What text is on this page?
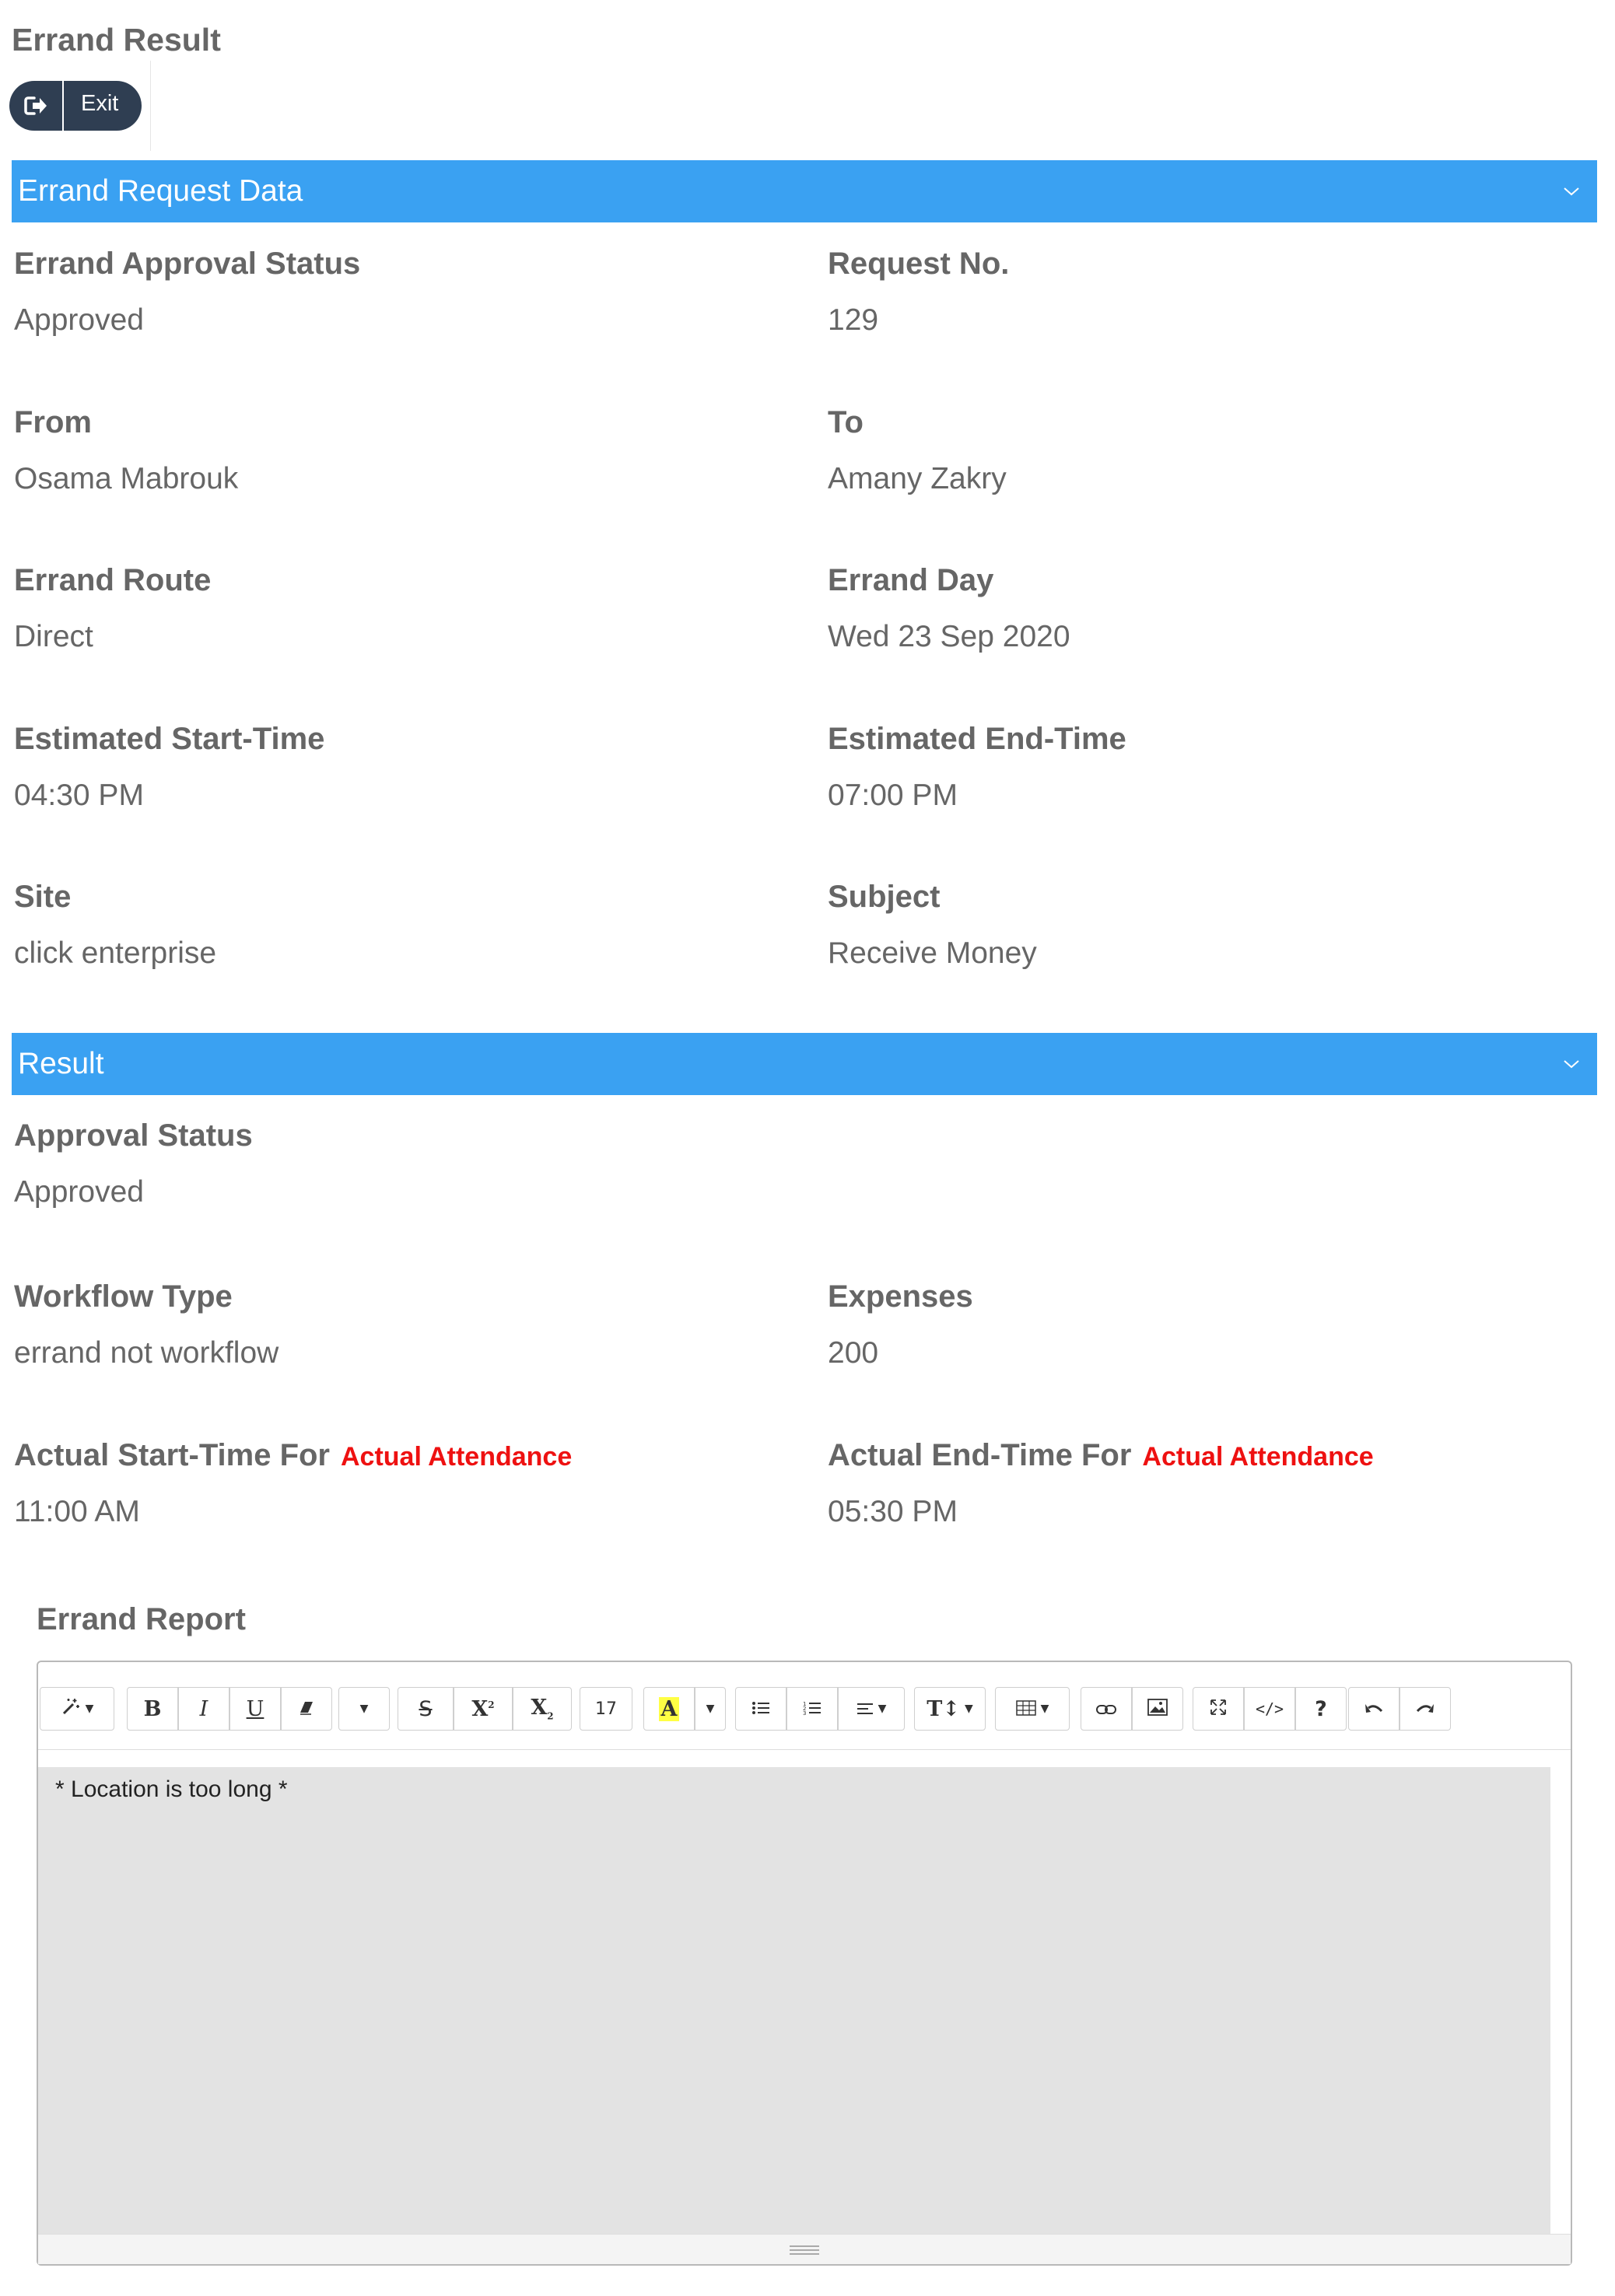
Errand Result
Exit
Errand Request Data
Errand Approval Status
Approved
Request No.
129
From
Osama Mabrouk
To
Amany Zakry
Errand Route
Direct
Errand Day
Wed 23 Sep 2020
Estimated Start-Time
04:30 PM
Estimated End-Time
07:00 PM
Site
click enterprise
Subject
Receive Money
Result
Approval Status
Approved
Workflow Type
errand not workflow
Expenses
200
Actual Start-Time For Actual Attendance
11:00 AM
Actual End-Time For Actual Attendance
05:30 PM
Errand Report
▼ B I U	▼ S $X^2$ $X_2$ 17 A	▼	1
2
3	▼ T↕ ▼	▼	</> ?
* Location is too long *
